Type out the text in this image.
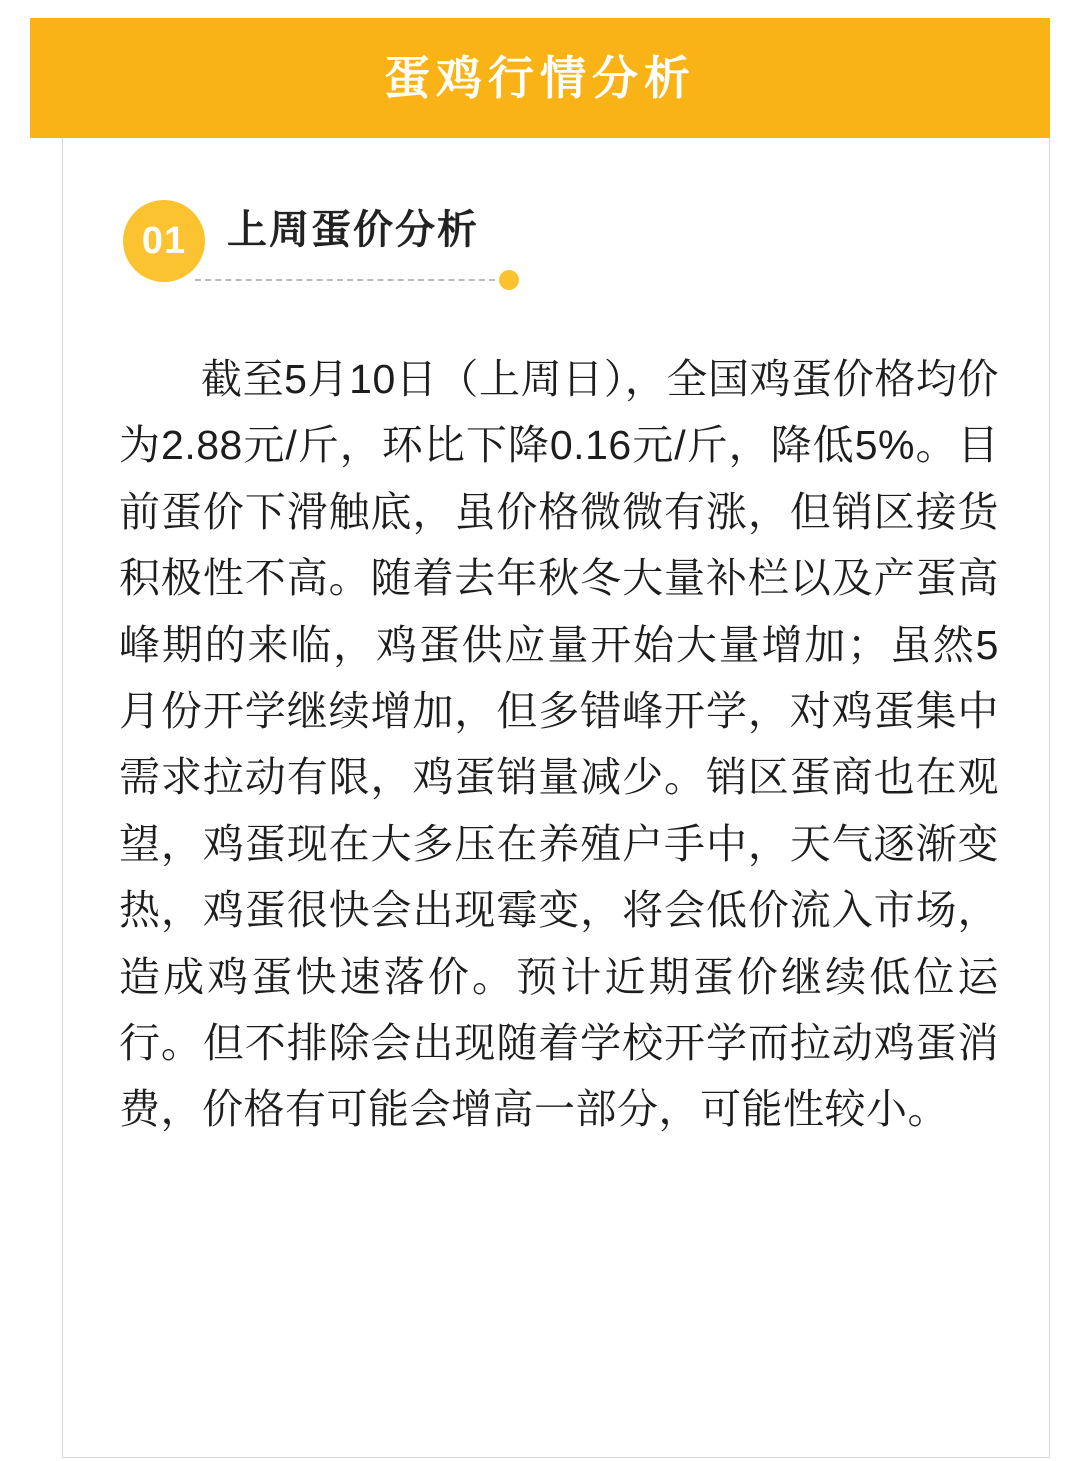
蛋鸡行情分析
01	上周蛋价分析
截至5月10日（上周日），全国鸡蛋价格均价为2.88元/斤，环比下降0.16元/斤，降低5%。目前蛋价下滑触底，虽价格微微有涨，但销区接货积极性不高。随着去年秋冬大量补栏以及产蛋高峰期的来临，鸡蛋供应量开始大量增加；虽然5月份开学继续增加，但多错峰开学，对鸡蛋集中需求拉动有限，鸡蛋销量减少。销区蛋商也在观望，鸡蛋现在大多压在养殖户手中，天气逐渐变热，鸡蛋很快会出现霉变，将会低价流入市场，造成鸡蛋快速落价。预计近期蛋价继续低位运行。但不排除会出现随着学校开学而拉动鸡蛋消费，价格有可能会增高一部分，可能性较小。
